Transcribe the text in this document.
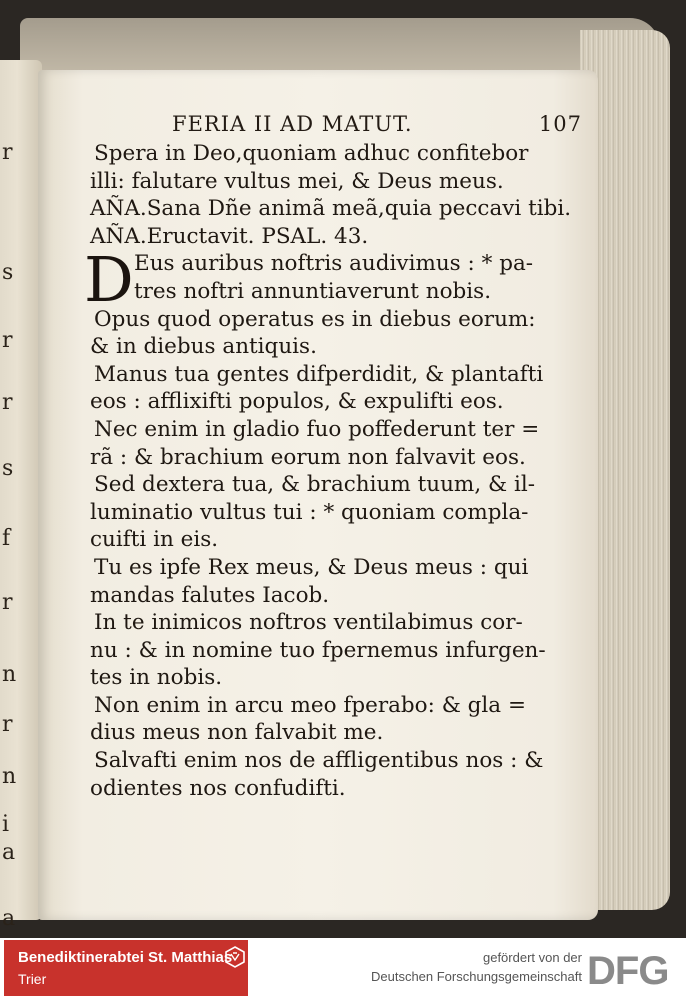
r
s
r
r
s
f
r
n
r
n
i
a
a
FERIA II AD MATUT.	107
D
Spera in Deo,quoniam adhuc confitebor
illi: falutare vultus mei, & Deus meus.
AÑA.Sana Dñe animã meã,quia peccavi tibi.
AÑA.Eructavit. PSAL. 43.
Eus auribus noftris audivimus : * pa-
tres noftri annuntiaverunt nobis.
Opus quod operatus es in diebus eorum:
& in diebus antiquis.
Manus tua gentes difperdidit, & plantafti
eos : afflixifti populos, & expulifti eos.
Nec enim in gladio fuo poffederunt ter =
rã : & brachium eorum non falvavit eos.
Sed dextera tua, & brachium tuum, & il-
luminatio vultus tui : * quoniam compla-
cuifti in eis.
Tu es ipfe Rex meus, & Deus meus : qui
mandas falutes Iacob.
In te inimicos noftros ventilabimus cor-
nu : & in nomine tuo fpernemus infurgen-
tes in nobis.
Non enim in arcu meo fperabo: & gla =
dius meus non falvabit me.
Salvafti enim nos de affligentibus nos : &
odientes nos confudifti.
Benediktinerabtei St. Matthias
Trier
gefördert von der
Deutschen Forschungsgemeinschaft DFG
